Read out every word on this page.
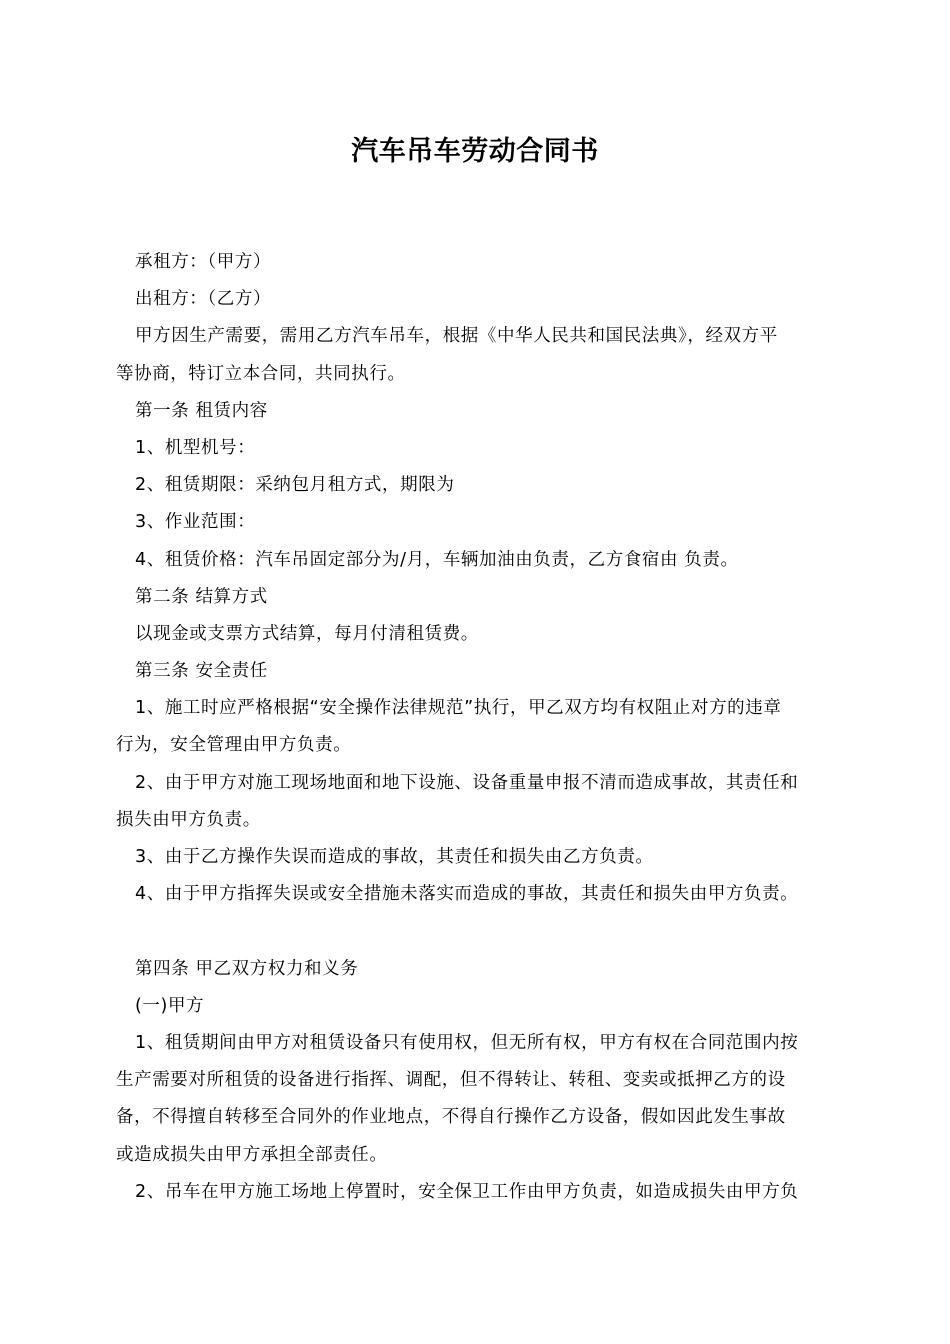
汽车吊车劳动合同书
承租方：（甲方）
出租方：（乙方）
甲方因生产需要，需用乙方汽车吊车，根据《中华人民共和国民法典》，经双方平
等协商，特订立本合同，共同执行。
第一条 租赁内容
1、机型机号：
2、租赁期限：采纳包月租方式，期限为
3、作业范围：
4、租赁价格：汽车吊固定部分为/月，车辆加油由负责，乙方食宿由 负责。
第二条 结算方式
以现金或支票方式结算，每月付清租赁费。
第三条 安全责任
1、施工时应严格根据“安全操作法律规范”执行，甲乙双方均有权阻止对方的违章
行为，安全管理由甲方负责。
2、由于甲方对施工现场地面和地下设施、设备重量申报不清而造成事故，其责任和
损失由甲方负责。
3、由于乙方操作失误而造成的事故，其责任和损失由乙方负责。
4、由于甲方指挥失误或安全措施未落实而造成的事故，其责任和损失由甲方负责。
第四条 甲乙双方权力和义务
(一)甲方
1、租赁期间由甲方对租赁设备只有使用权，但无所有权，甲方有权在合同范围内按
生产需要对所租赁的设备进行指挥、调配，但不得转让、转租、变卖或抵押乙方的设
备，不得擅自转移至合同外的作业地点，不得自行操作乙方设备，假如因此发生事故
或造成损失由甲方承担全部责任。
2、吊车在甲方施工场地上停置时，安全保卫工作由甲方负责，如造成损失由甲方负
